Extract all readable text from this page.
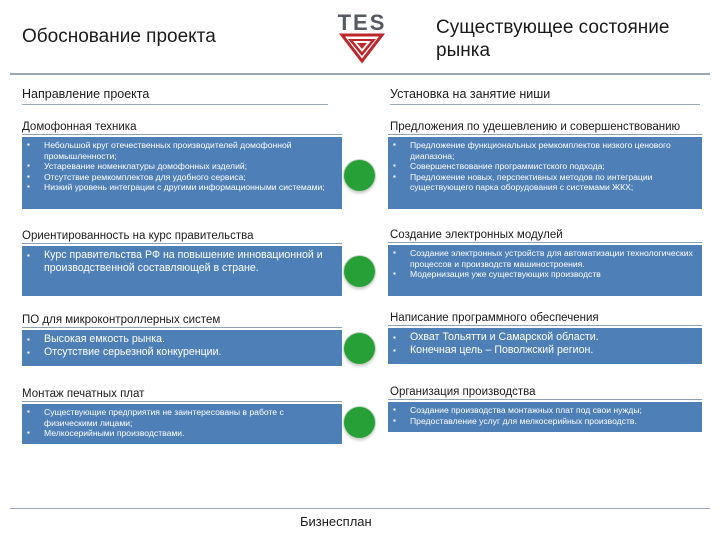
Обоснование проекта
TES	Существующее состояние рынка
Направление проекта	Установка на занятие ниши
Домофонная техника
▪ Небольшой круг отечественных производителей домофонной промышленности;
▪ Устаревание номенклатуры домофонных изделий;
▪ Отсутствие ремкомплектов для удобного сервиса;
▪ Низкий уровень интеграции с другими информационными системами;
Предложения по удешевлению и совершенствованию
▪ Предложение функциональных ремкомплектов низкого ценового диапазона;
▪ Совершенствование программистского подхода;
▪ Предложение новых, перспективных методов по интеграции существующего парка оборудования с системами ЖКХ;
Ориентированность на курс правительства
▪ Курс правительства РФ на повышение инновационной и производственной составляющей в стране.
Создание электронных модулей
▪ Создание электронных устройств для автоматизации технологических процессов и производств машиностроения.
▪ Модернизация уже существующих производств
ПО для микроконтроллерных систем
▪ Высокая емкость рынка.
▪ Отсутствие серьезной конкуренции.
Написание программного обеспечения
▪ Охват Тольятти и Самарской области.
▪ Конечная цель – Поволжский регион.
Монтаж печатных плат
▪ Существующие предприятия не заинтересованы в работе с физическими лицами;
▪ Мелкосерийными производствами.
Организация производства
▪ Создание производства монтажных плат под свои нужды;
▪ Предоставление услуг для мелкосерийных производств.
Бизнесплан
